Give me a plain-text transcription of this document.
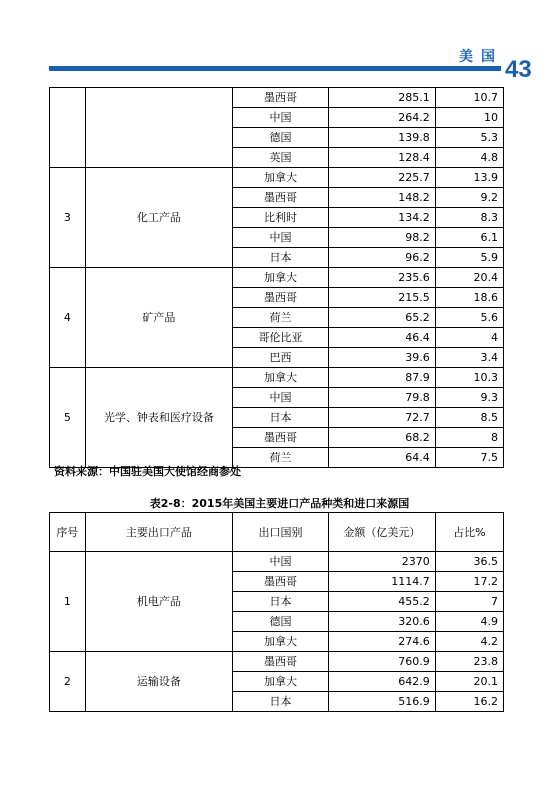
美国 43
		墨西哥	285.1	10.7
		中国	264.2	10
		德国	139.8	5.3
		英国	128.4	4.8
3	化工产品	加拿大	225.7	13.9
		墨西哥	148.2	9.2
		比利时	134.2	8.3
		中国	98.2	6.1
		日本	96.2	5.9
4	矿产品	加拿大	235.6	20.4
		墨西哥	215.5	18.6
		荷兰	65.2	5.6
		哥伦比亚	46.4	4
		巴西	39.6	3.4
5	光学、钟表和医疗设备	加拿大	87.9	10.3
		中国	79.8	9.3
		日本	72.7	8.5
		墨西哥	68.2	8
		荷兰	64.4	7.5
资料来源：中国驻美国大使馆经商参处
表2-8：2015年美国主要进口产品种类和进口来源国
序号	主要出口产品	出口国别	金额（亿美元）	占比%
1	机电产品	中国	2370	36.5
		墨西哥	1114.7	17.2
		日本	455.2	7
		德国	320.6	4.9
		加拿大	274.6	4.2
2	运输设备	墨西哥	760.9	23.8
		加拿大	642.9	20.1
		日本	516.9	16.2
